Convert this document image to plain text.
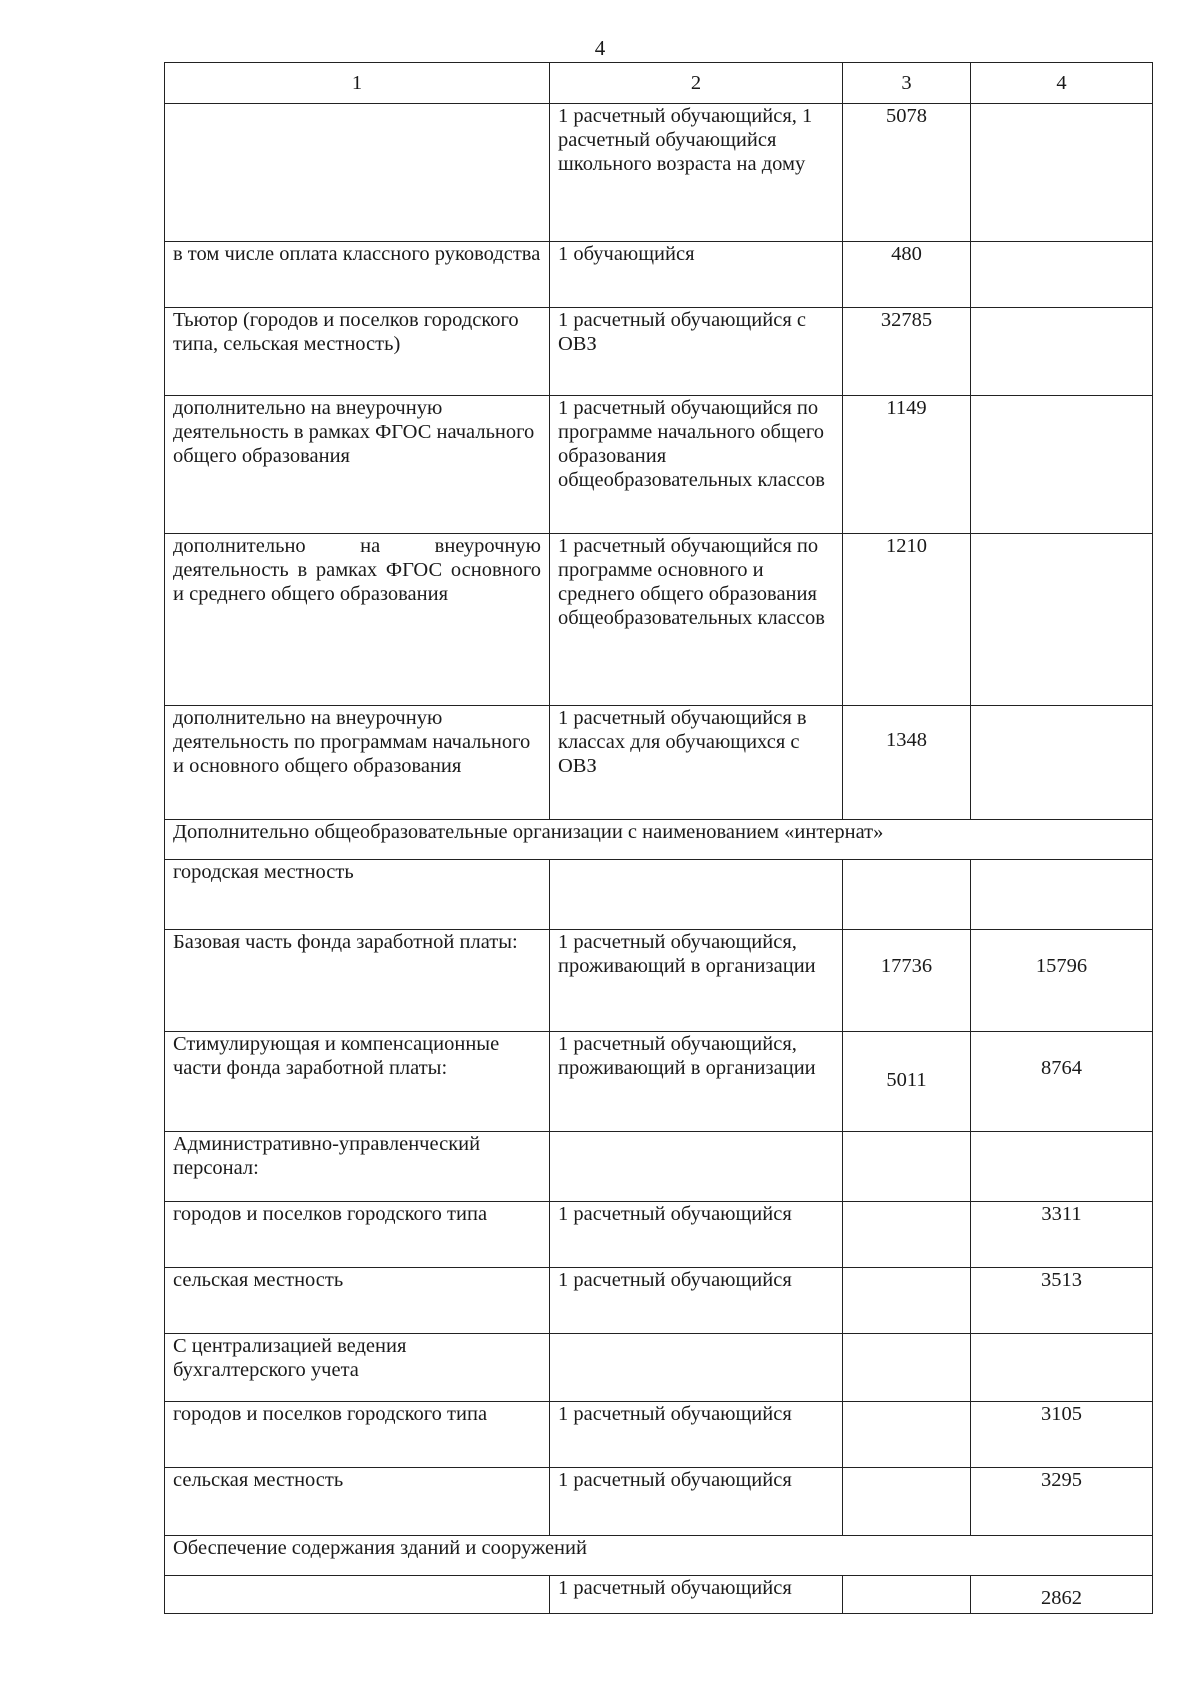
4
1	2	3	4
	1 расчетный обучающийся, 1 расчетный обучающийся школьного возраста на дому	5078	
в том числе оплата классного руководства	1 обучающийся	480	
Тьютор (городов и поселков городского типа, сельская местность)	1 расчетный обучающийся с ОВЗ	32785	
дополнительно на внеурочную деятельность в рамках ФГОС начального общего образования	1 расчетный обучающийся по программе начального общего образования общеобразовательных классов	1149	
дополнительно на внеурочную деятельность в рамках ФГОС основного и среднего общего образования	1 расчетный обучающийся по программе основного и среднего общего образования общеобразовательных классов	1210	
дополнительно на внеурочную деятельность по программам начального и основного общего образования	1 расчетный обучающийся в классах для обучающихся с ОВЗ	1348	
Дополнительно общеобразовательные организации с наименованием «интернат»			
городская местность			
Базовая часть фонда заработной платы:	1 расчетный обучающийся, проживающий в организации	17736	15796
Стимулирующая и компенсационные части фонда заработной платы:	1 расчетный обучающийся, проживающий в организации	5011	8764
Административно-управленческий персонал:			
городов и поселков городского типа	1 расчетный обучающийся		3311
сельская местность	1 расчетный обучающийся		3513
С централизацией ведения бухгалтерского учета			
городов и поселков городского типа	1 расчетный обучающийся		3105
сельская местность	1 расчетный обучающийся		3295
Обеспечение содержания зданий и сооружений			
	1 расчетный обучающийся		2862
